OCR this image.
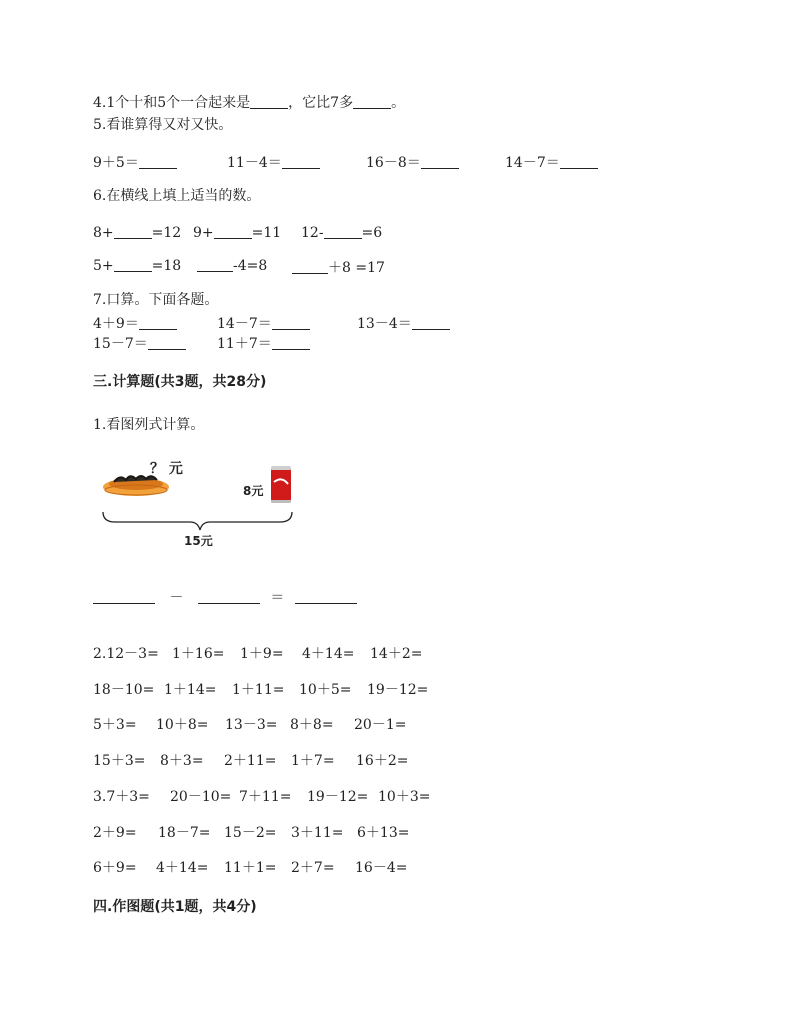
4.1个十和5个一合起来是	，它比7多	。
5.看谁算得又对又快。
9＋5＝	11－4＝	16－8＝	14－7＝
6.在横线上填上适当的数。
8+	=12 9+	=11 12-	=6
5+	=18	-4=8	＋8 =17
7.口算。下面各题。
4＋9＝	14－7＝	13－4＝
15－7＝	11＋7＝
三.计算题(共3题，共28分)
1.看图列式计算。
？ 元
8元
15元
－	＝
2.12－3= 1＋16= 1＋9= 4＋14= 14＋2=
18－10= 1＋14= 1＋11= 10＋5= 19－12=
5＋3= 10＋8= 13－3= 8＋8= 20－1=
15＋3= 8＋3= 2＋11= 1＋7= 16＋2=
3.7＋3= 20－10= 7＋11= 19－12= 10＋3=
2＋9= 18－7= 15－2= 3＋11= 6＋13=
6＋9= 4＋14= 11＋1= 2＋7= 16－4=
四.作图题(共1题，共4分)
